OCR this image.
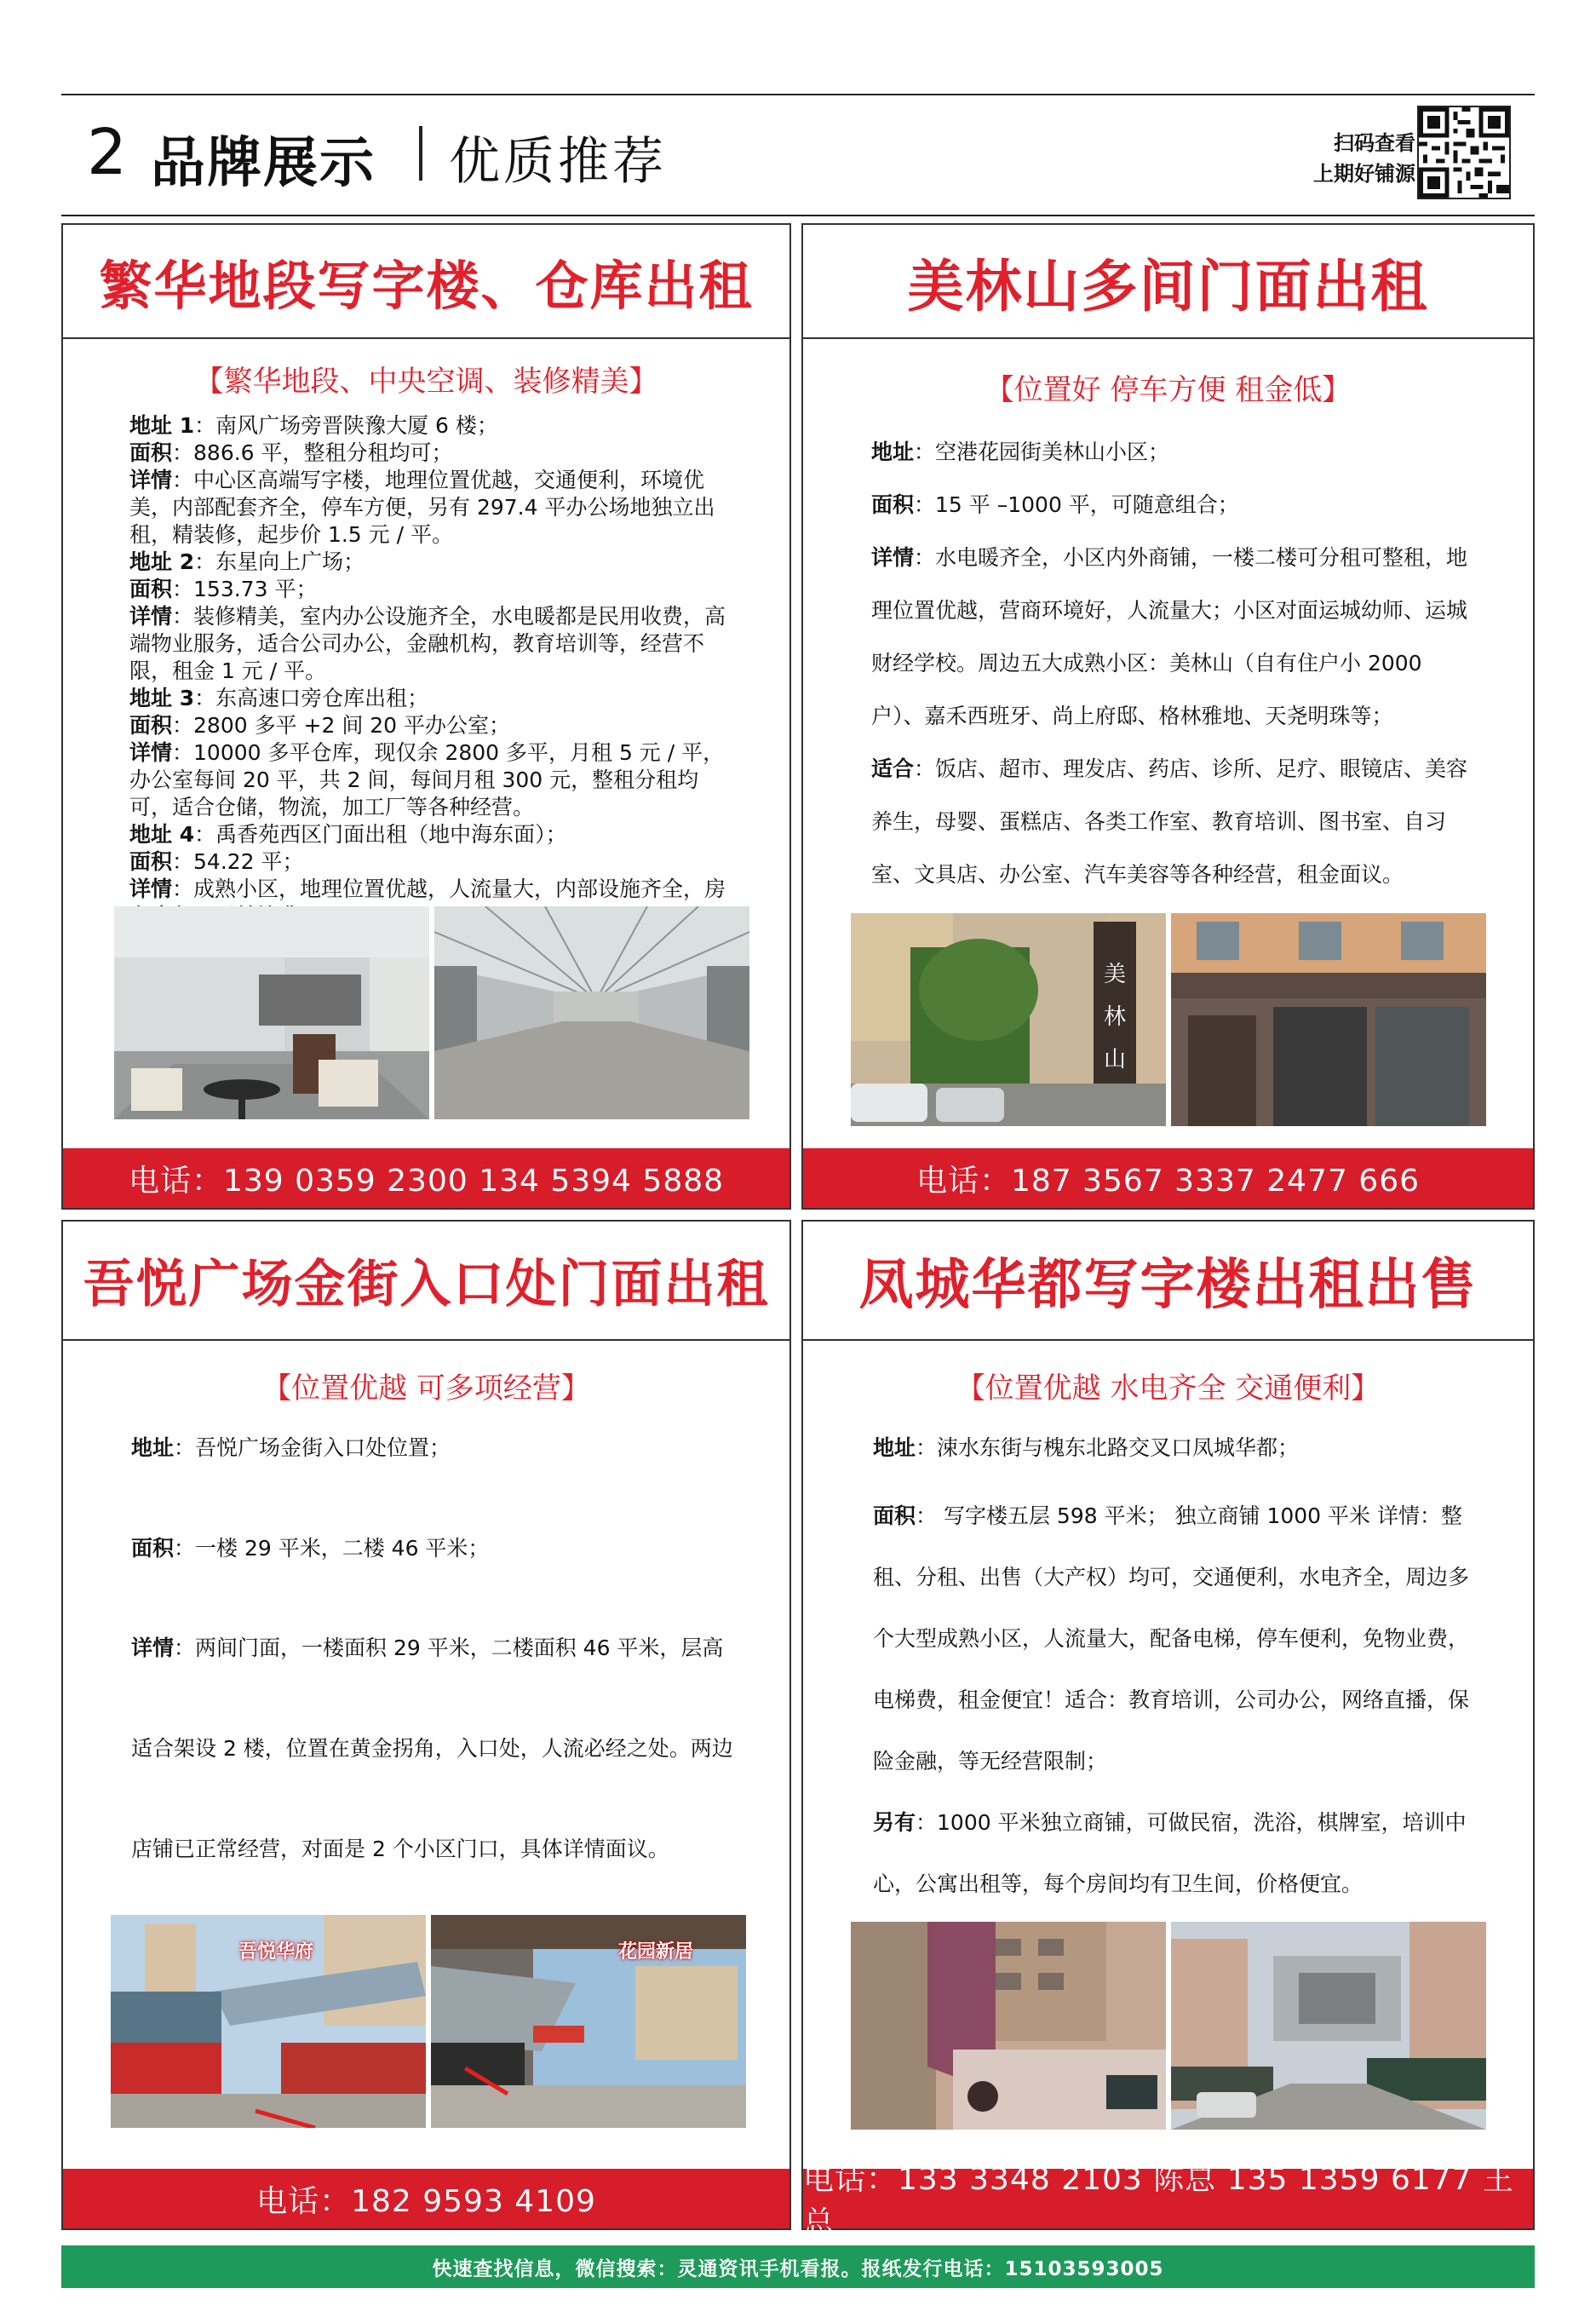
2 品牌展示 优质推荐	扫码查看
上期好铺源
繁华地段写字楼、仓库出租
【繁华地段、中央空调、装修精美】
地址 1：南风广场旁晋陕豫大厦 6 楼；
面积：886.6 平，整租分租均可；
详情：中心区高端写字楼，地理位置优越，交通便利，环境优美，内部配套齐全，停车方便，另有 297.4 平办公场地独立出租，精装修，起步价 1.5 元 / 平。
地址 2：东星向上广场；
面积：153.73 平；
详情：装修精美，室内办公设施齐全，水电暖都是民用收费，高端物业服务，适合公司办公，金融机构，教育培训等，经营不限，租金 1 元 / 平。
地址 3：东高速口旁仓库出租；
面积：2800 多平 +2 间 20 平办公室；
详情：10000 多平仓库，现仅余 2800 多平，月租 5 元 / 平，办公室每间 20 平，共 2 间，每间月租 300 元，整租分租均可，适合仓储，物流，加工厂等各种经营。
地址 4：禹香苑西区门面出租（地中海东面）；
面积：54.22 平；
详情：成熟小区，地理位置优越，人流量大，内部设施齐全，房
电话：139 0359 2300 134 5394 5888
美林山多间门面出租
【位置好 停车方便 租金低】
地址：空港花园街美林山小区；
面积：15 平 –1000 平，可随意组合；
详情：水电暖齐全，小区内外商铺，一楼二楼可分租可整租，地理位置优越，营商环境好，人流量大；小区对面运城幼师、运城财经学校。周边五大成熟小区：美林山（自有住户小 2000 户）、嘉禾西班牙、尚上府邸、格林雅地、天尧明珠等；
适合：饭店、超市、理发店、药店、诊所、足疗、眼镜店、美容养生，母婴、蛋糕店、各类工作室、教育培训、图书室、自习室、文具店、办公室、汽车美容等各种经营，租金面议。
美
林
山
电话：187 3567 3337 2477 666
吾悦广场金街入口处门面出租
【位置优越 可多项经营】
地址：吾悦广场金街入口处位置；
面积：一楼 29 平米，二楼 46 平米；
详情：两间门面，一楼面积 29 平米，二楼面积 46 平米，层高适合架设 2 楼，位置在黄金拐角，入口处，人流必经之处。两边店铺已正常经营，对面是 2 个小区门口，具体详情面议。
吾悦华府	花园新居
电话：182 9593 4109
凤城华都写字楼出租出售
【位置优越 水电齐全 交通便利】
地址：涑水东街与槐东北路交叉口凤城华都；
面积： 写字楼五层 598 平米； 独立商铺 1000 平米 详情：整租、分租、出售（大产权）均可，交通便利，水电齐全，周边多个大型成熟小区，人流量大，配备电梯，停车便利，免物业费，电梯费，租金便宜！适合：教育培训，公司办公，网络直播，保险金融，等无经营限制；
另有：1000 平米独立商铺，可做民宿，洗浴，棋牌室，培训中心，公寓出租等，每个房间均有卫生间，价格便宜。
电话：133 3348 2103 陈总 135 1359 6177 王总
快速查找信息，微信搜索：灵通资讯手机看报。报纸发行电话：15103593005
